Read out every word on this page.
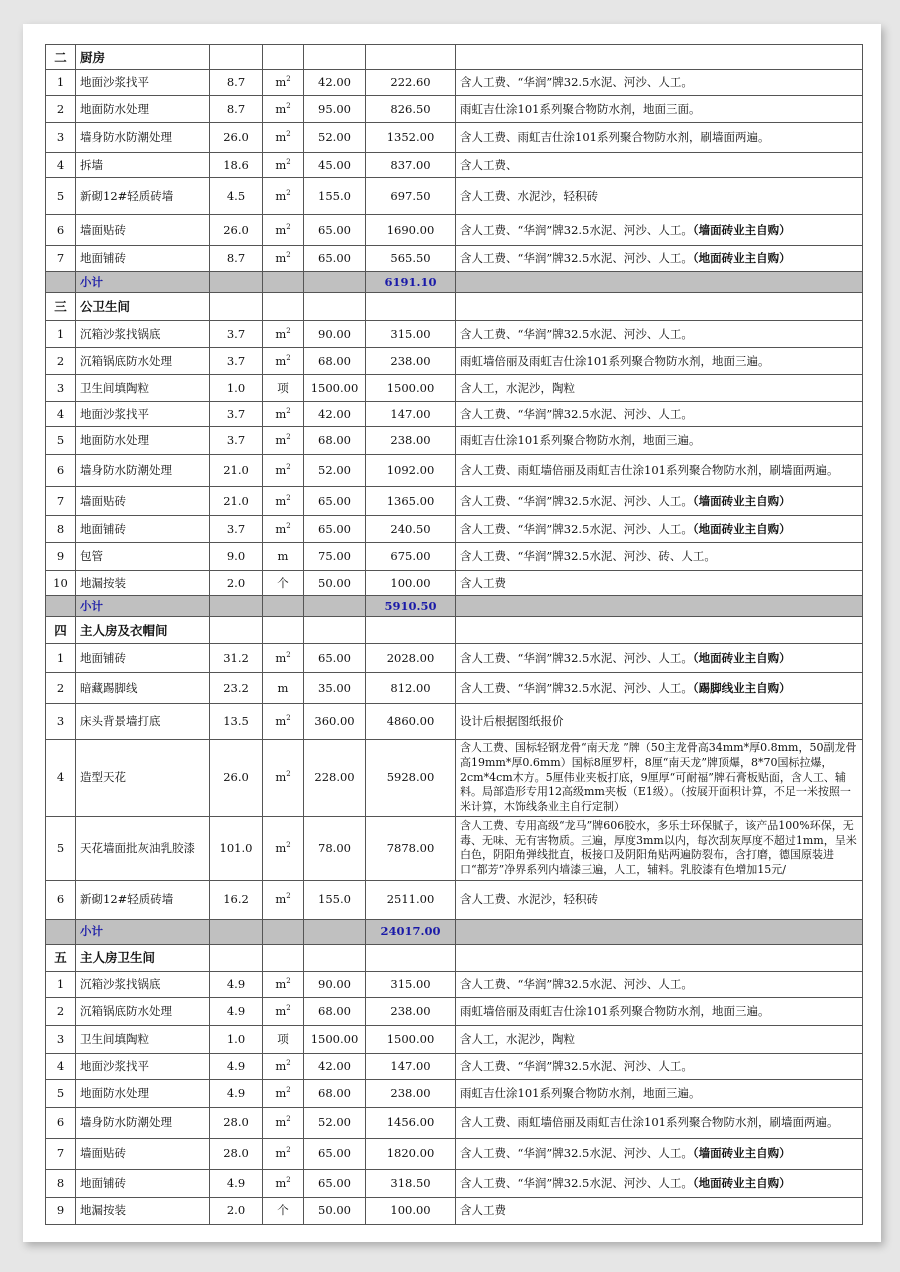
二	厨房					
1	地面沙浆找平	8.7	$m^2$	42.00	222.60	含人工费、“华润”牌32.5水泥、河沙、人工。
2	地面防水处理	8.7	$m^2$	95.00	826.50	雨虹吉仕涂101系列聚合物防水剂，地面三面。
3	墙身防水防潮处理	26.0	$m^2$	52.00	1352.00	含人工费、雨虹吉仕涂101系列聚合物防水剂，刷墙面两遍。
4	拆墙	18.6	$m^2$	45.00	837.00	含人工费、
5	新砌12#轻质砖墙	4.5	$m^2$	155.0	697.50	含人工费、水泥沙，轻积砖
6	墙面贴砖	26.0	$m^2$	65.00	1690.00	含人工费、“华润”牌32.5水泥、河沙、人工。（墙面砖业主自购）
7	地面铺砖	8.7	$m^2$	65.00	565.50	含人工费、“华润”牌32.5水泥、河沙、人工。（地面砖业主自购）
	小计				6191.10	
三	公卫生间					
1	沉箱沙浆找锅底	3.7	$m^2$	90.00	315.00	含人工费、“华润”牌32.5水泥、河沙、人工。
2	沉箱锅底防水处理	3.7	$m^2$	68.00	238.00	雨虹墙倍丽及雨虹吉仕涂101系列聚合物防水剂，地面三遍。
3	卫生间填陶粒	1.0	项	1500.00	1500.00	含人工，水泥沙，陶粒
4	地面沙浆找平	3.7	$m^2$	42.00	147.00	含人工费、“华润”牌32.5水泥、河沙、人工。
5	地面防水处理	3.7	$m^2$	68.00	238.00	雨虹吉仕涂101系列聚合物防水剂，地面三遍。
6	墙身防水防潮处理	21.0	$m^2$	52.00	1092.00	含人工费、雨虹墙倍丽及雨虹吉仕涂101系列聚合物防水剂，刷墙面两遍。
7	墙面贴砖	21.0	$m^2$	65.00	1365.00	含人工费、“华润”牌32.5水泥、河沙、人工。（墙面砖业主自购）
8	地面铺砖	3.7	$m^2$	65.00	240.50	含人工费、“华润”牌32.5水泥、河沙、人工。（地面砖业主自购）
9	包管	9.0	m	75.00	675.00	含人工费、“华润”牌32.5水泥、河沙、砖、人工。
10	地漏按装	2.0	个	50.00	100.00	含人工费
	小计				5910.50	
四	主人房及衣帽间					
1	地面铺砖	31.2	$m^2$	65.00	2028.00	含人工费、“华润”牌32.5水泥、河沙、人工。（地面砖业主自购）
2	暗藏踢脚线	23.2	m	35.00	812.00	含人工费、“华润”牌32.5水泥、河沙、人工。（踢脚线业主自购）
3	床头背景墙打底	13.5	$m^2$	360.00	4860.00	设计后根据图纸报价
4	造型天花	26.0	$m^2$	228.00	5928.00	含人工费、国标轻钢龙骨“南天龙 ”牌（50主龙骨高34mm*厚0.8mm，50副龙骨高19mm*厚0.6mm）国标8厘罗杆，8厘“南天龙”牌顶爆，8*70国标拉爆，2cm*4cm木方。5厘伟业夹板打底，9厘厚“可耐福”牌石膏板贴面，含人工、辅料。局部造形专用12高级mm夹板（E1级）。（按展开面积计算，不足一米按照一米计算，木饰线条业主自行定制）
5	天花墙面批灰油乳胶漆	101.0	$m^2$	78.00	7878.00	含人工费、专用高级“龙马”牌606胶水，多乐士环保腻子，该产品100%环保，无毒、无味、无有害物质。三遍，厚度3mm以内，每次刮灰厚度不超过1mm，呈米白色，阴阳角弹线批直，板接口及阴阳角贴两遍防裂布，含打磨，德国原装进口“都芳”净界系列内墙漆三遍，人工，辅料。乳胶漆有色增加15元/
6	新砌12#轻质砖墙	16.2	$m^2$	155.0	2511.00	含人工费、水泥沙，轻积砖
	小计				24017.00	
五	主人房卫生间					
1	沉箱沙浆找锅底	4.9	$m^2$	90.00	315.00	含人工费、“华润”牌32.5水泥、河沙、人工。
2	沉箱锅底防水处理	4.9	$m^2$	68.00	238.00	雨虹墙倍丽及雨虹吉仕涂101系列聚合物防水剂，地面三遍。
3	卫生间填陶粒	1.0	项	1500.00	1500.00	含人工，水泥沙，陶粒
4	地面沙浆找平	4.9	$m^2$	42.00	147.00	含人工费、“华润”牌32.5水泥、河沙、人工。
5	地面防水处理	4.9	$m^2$	68.00	238.00	雨虹吉仕涂101系列聚合物防水剂，地面三遍。
6	墙身防水防潮处理	28.0	$m^2$	52.00	1456.00	含人工费、雨虹墙倍丽及雨虹吉仕涂101系列聚合物防水剂，刷墙面两遍。
7	墙面贴砖	28.0	$m^2$	65.00	1820.00	含人工费、“华润”牌32.5水泥、河沙、人工。（墙面砖业主自购）
8	地面铺砖	4.9	$m^2$	65.00	318.50	含人工费、“华润”牌32.5水泥、河沙、人工。（地面砖业主自购）
9	地漏按装	2.0	个	50.00	100.00	含人工费
